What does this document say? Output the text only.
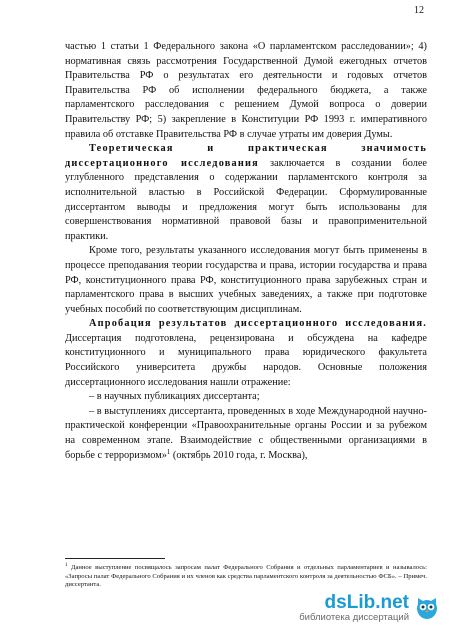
12

частью 1 статьи 1 Федерального закона «О парламентском расследовании»; 4) нормативная связь рассмотрения Государственной Думой ежегодных отчетов Правительства РФ о результатах его деятельности и годовых отчетов Правительства РФ об исполнении федерального бюджета, а также парламентского расследования с решением Думой вопроса о доверии Правительству РФ; 5) закрепление в Конституции РФ 1993 г. императивного правила об отставке Правительства РФ в случае утраты им доверия Думы.

Теоретическая и практическая значимость диссертационного исследования заключается в создании более углубленного представления о содержании парламентского контроля за исполнительной властью в Российской Федерации. Сформулированные диссертантом выводы и предложения могут быть использованы для совершенствования нормативной правовой базы и правоприменительной практики.

Кроме того, результаты указанного исследования могут быть применены в процессе преподавания теории государства и права, истории государства и права РФ, конституционного права РФ, конституционного права зарубежных стран и парламентского права в высших учебных заведениях, а также при подготовке учебных пособий по соответствующим дисциплинам.

Апробация результатов диссертационного исследования. Диссертация подготовлена, рецензирована и обсуждена на кафедре конституционного и муниципального права юридического факультета Российского университета дружбы народов. Основные положения диссертационного исследования нашли отражение:

– в научных публикациях диссертанта;

– в выступлениях диссертанта, проведенных в ходе Международной научно-практической конференции «Правоохранительные органы России и за рубежом на современном этапе. Взаимодействие с общественными организациями в борьбе с терроризмом»$^1$ (октябрь 2010 года, г. Москва),

$^1$ Данное выступление посвящалось запросам палат Федерального Собрания и отдельных парламентариев и называлось: «Запросы палат Федерального Собрания и их членов как средства парламентского контроля за деятельностью ФСБ». – Примеч. диссертанта.
dsLib.net
библиотека диссертаций
